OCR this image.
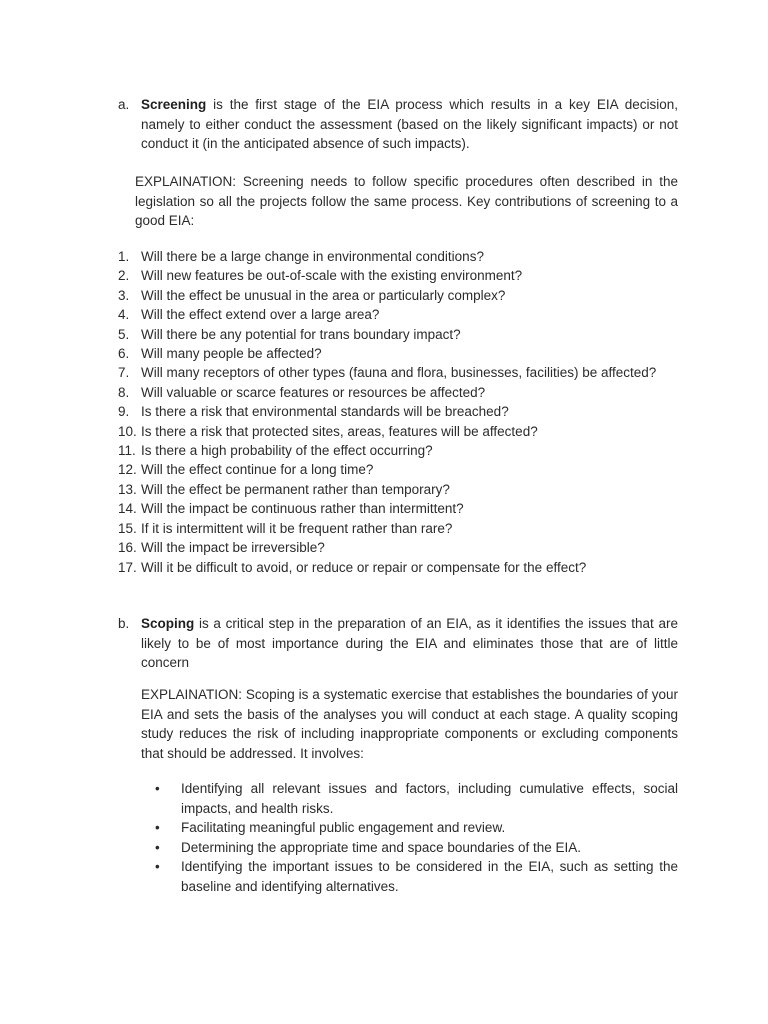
a. Screening is the first stage of the EIA process which results in a key EIA decision, namely to either conduct the assessment (based on the likely significant impacts) or not conduct it (in the anticipated absence of such impacts).
EXPLAINATION: Screening needs to follow specific procedures often described in the legislation so all the projects follow the same process. Key contributions of screening to a good EIA:
1. Will there be a large change in environmental conditions?
2. Will new features be out-of-scale with the existing environment?
3. Will the effect be unusual in the area or particularly complex?
4. Will the effect extend over a large area?
5. Will there be any potential for trans boundary impact?
6. Will many people be affected?
7. Will many receptors of other types (fauna and flora, businesses, facilities) be affected?
8. Will valuable or scarce features or resources be affected?
9. Is there a risk that environmental standards will be breached?
10. Is there a risk that protected sites, areas, features will be affected?
11. Is there a high probability of the effect occurring?
12. Will the effect continue for a long time?
13. Will the effect be permanent rather than temporary?
14. Will the impact be continuous rather than intermittent?
15. If it is intermittent will it be frequent rather than rare?
16. Will the impact be irreversible?
17. Will it be difficult to avoid, or reduce or repair or compensate for the effect?
b. Scoping is a critical step in the preparation of an EIA, as it identifies the issues that are likely to be of most importance during the EIA and eliminates those that are of little concern
EXPLAINATION: Scoping is a systematic exercise that establishes the boundaries of your EIA and sets the basis of the analyses you will conduct at each stage. A quality scoping study reduces the risk of including inappropriate components or excluding components that should be addressed. It involves:
• Identifying all relevant issues and factors, including cumulative effects, social impacts, and health risks.
• Facilitating meaningful public engagement and review.
• Determining the appropriate time and space boundaries of the EIA.
• Identifying the important issues to be considered in the EIA, such as setting the baseline and identifying alternatives.
